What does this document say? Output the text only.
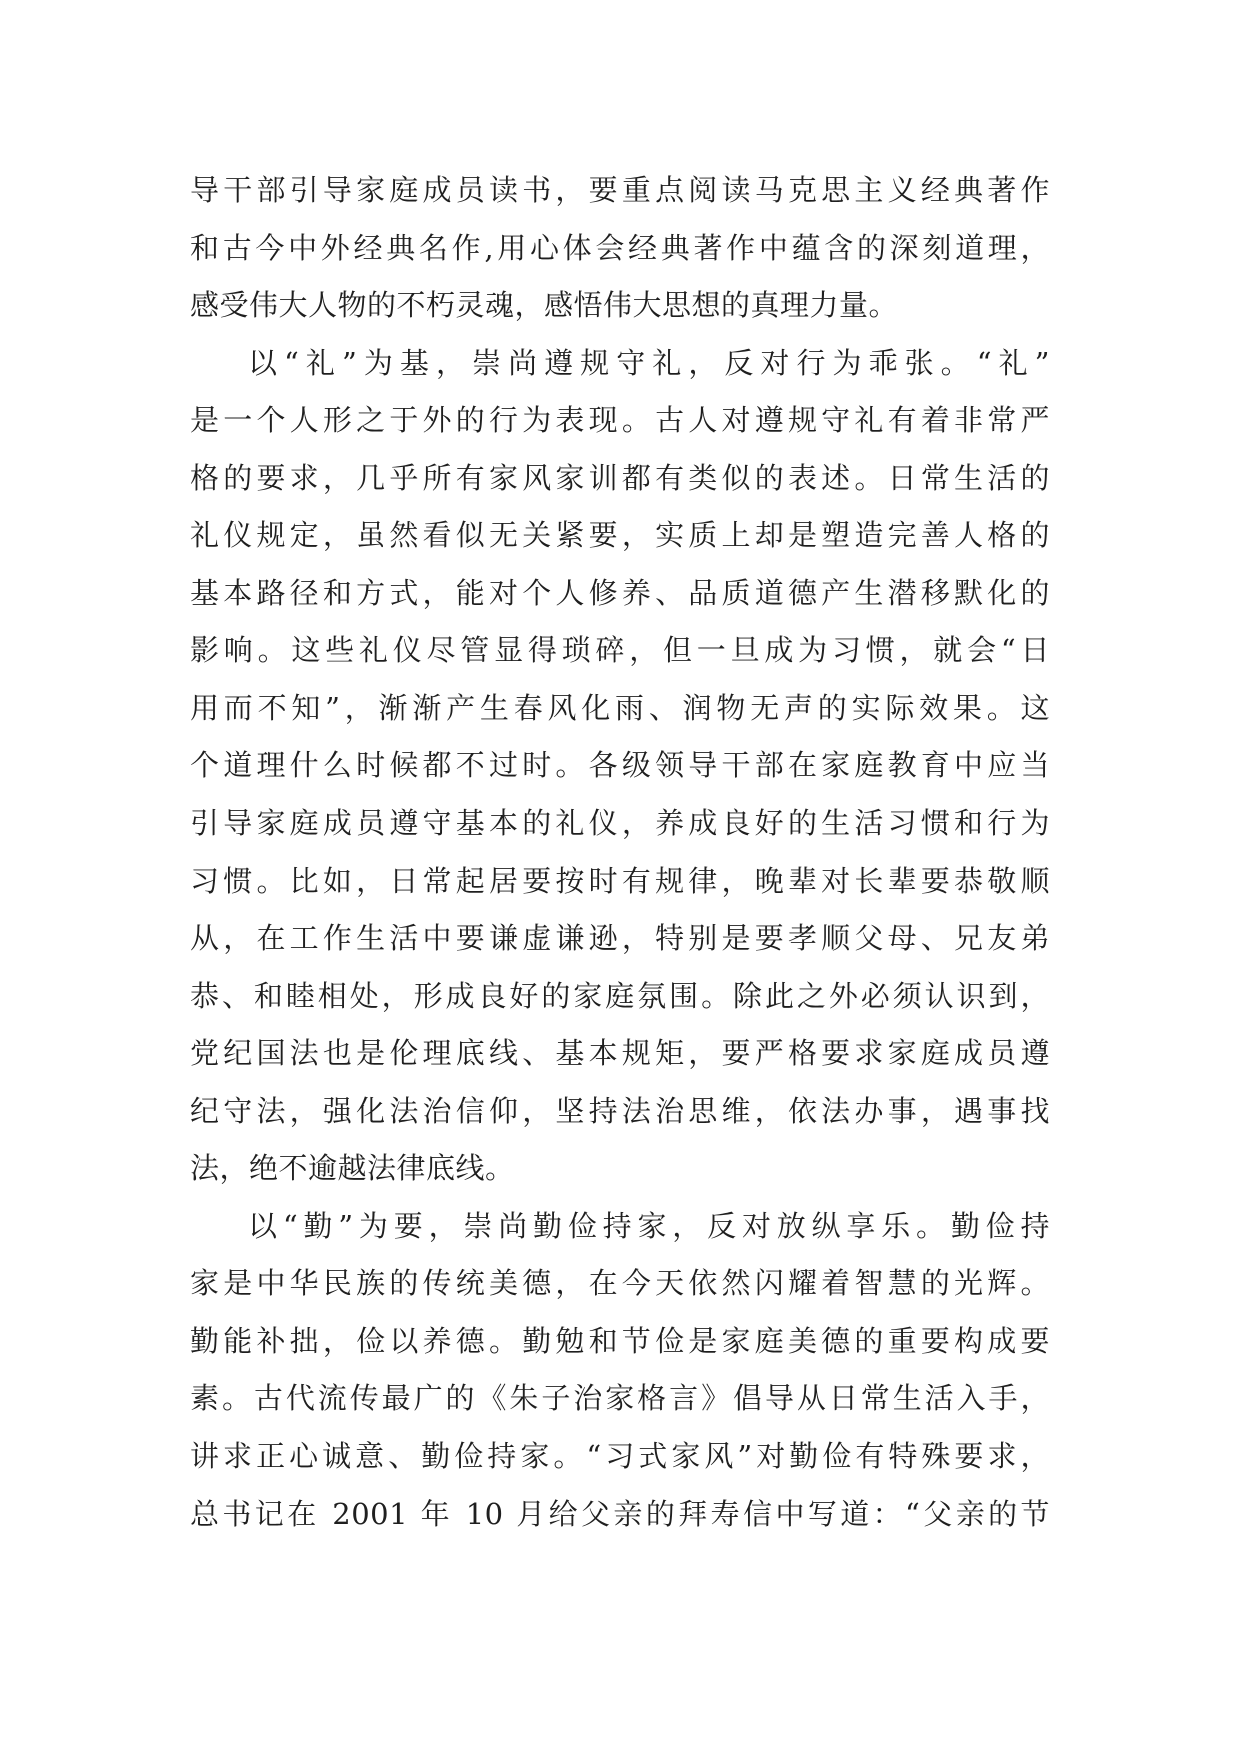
导干部引导家庭成员读书，要重点阅读马克思主义经典著作
和古今中外经典名作,用心体会经典著作中蕴含的深刻道理，
感受伟大人物的不朽灵魂，感悟伟大思想的真理力量。
以“礼”为基，崇尚遵规守礼，反对行为乖张。“礼”
是一个人形之于外的行为表现。古人对遵规守礼有着非常严
格的要求，几乎所有家风家训都有类似的表述。日常生活的
礼仪规定，虽然看似无关紧要，实质上却是塑造完善人格的
基本路径和方式，能对个人修养、品质道德产生潜移默化的
影响。这些礼仪尽管显得琐碎，但一旦成为习惯，就会“日
用而不知”，渐渐产生春风化雨、润物无声的实际效果。这
个道理什么时候都不过时。各级领导干部在家庭教育中应当
引导家庭成员遵守基本的礼仪，养成良好的生活习惯和行为
习惯。比如，日常起居要按时有规律，晚辈对长辈要恭敬顺
从，在工作生活中要谦虚谦逊，特别是要孝顺父母、兄友弟
恭、和睦相处，形成良好的家庭氛围。除此之外必须认识到，
党纪国法也是伦理底线、基本规矩，要严格要求家庭成员遵
纪守法，强化法治信仰，坚持法治思维，依法办事，遇事找
法，绝不逾越法律底线。
以“勤”为要，崇尚勤俭持家，反对放纵享乐。勤俭持
家是中华民族的传统美德，在今天依然闪耀着智慧的光辉。
勤能补拙，俭以养德。勤勉和节俭是家庭美德的重要构成要
素。古代流传最广的《朱子治家格言》倡导从日常生活入手，
讲求正心诚意、勤俭持家。“习式家风”对勤俭有特殊要求，
总书记在 2001 年 10 月给父亲的拜寿信中写道：“父亲的节
